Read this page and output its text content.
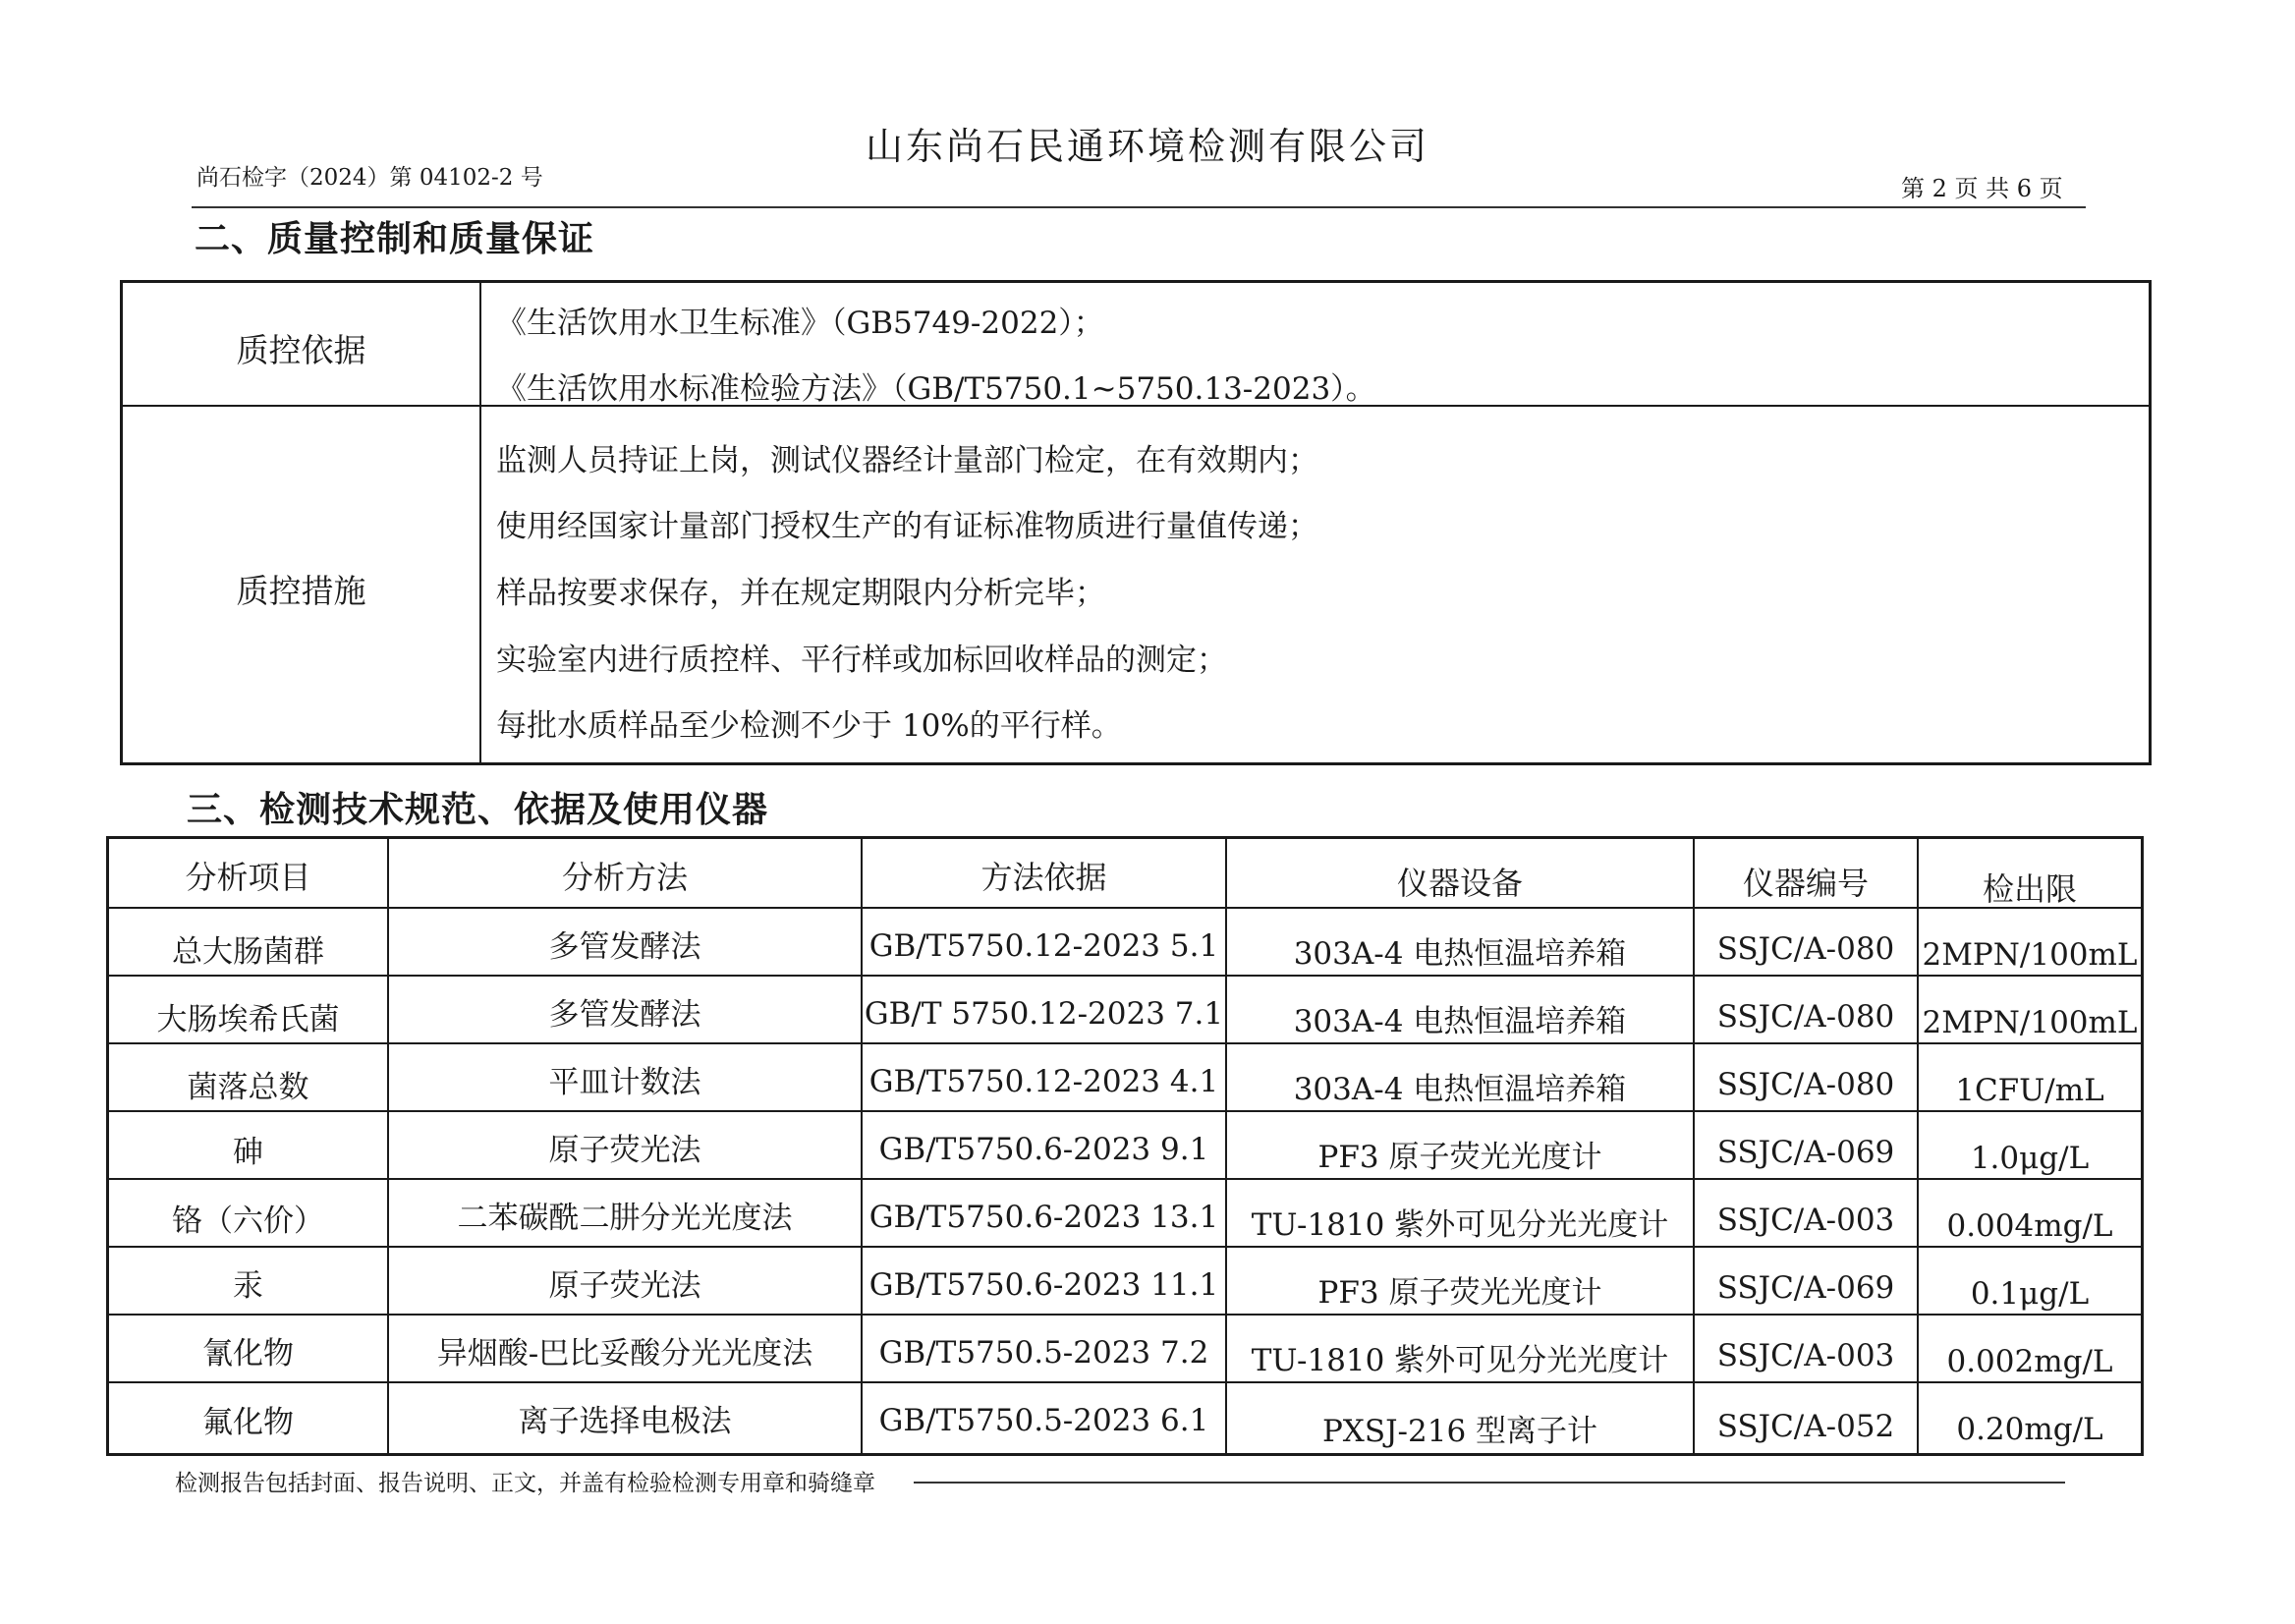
山东尚石民通环境检测有限公司
尚石检字（2024）第 04102-2 号	第 2 页 共 6 页
二、质量控制和质量保证
质控依据
《生活饮用水卫生标准》（GB5749-2022）；
《生活饮用水标准检验方法》（GB/T5750.1~5750.13-2023）。
质控措施
监测人员持证上岗，测试仪器经计量部门检定，在有效期内；
使用经国家计量部门授权生产的有证标准物质进行量值传递；
样品按要求保存，并在规定期限内分析完毕；
实验室内进行质控样、平行样或加标回收样品的测定；
每批水质样品至少检测不少于 10%的平行样。
三、检测技术规范、依据及使用仪器
分析项目	分析方法	方法依据	仪器设备	仪器编号	检出限
总大肠菌群	多管发酵法	GB/T5750.12-2023 5.1	303A-4 电热恒温培养箱	SSJC/A-080 2MPN/100mL
大肠埃希氏菌	多管发酵法	GB/T 5750.12-2023 7.1	303A-4 电热恒温培养箱	SSJC/A-080 2MPN/100mL
菌落总数	平皿计数法	GB/T5750.12-2023 4.1	303A-4 电热恒温培养箱	SSJC/A-080	1CFU/mL
砷	原子荧光法	GB/T5750.6-2023 9.1	PF3 原子荧光光度计	SSJC/A-069	1.0μg/L
铬（六价）	二苯碳酰二肼分光光度法	GB/T5750.6-2023 13.1	TU-1810 紫外可见分光光度计	SSJC/A-003	0.004mg/L
汞	原子荧光法	GB/T5750.6-2023 11.1	PF3 原子荧光光度计	SSJC/A-069	0.1μg/L
氰化物	异烟酸-巴比妥酸分光光度法	GB/T5750.5-2023 7.2	TU-1810 紫外可见分光光度计	SSJC/A-003	0.002mg/L
氟化物	离子选择电极法	GB/T5750.5-2023 6.1	PXSJ-216 型离子计	SSJC/A-052	0.20mg/L
检测报告包括封面、报告说明、正文，并盖有检验检测专用章和骑缝章
